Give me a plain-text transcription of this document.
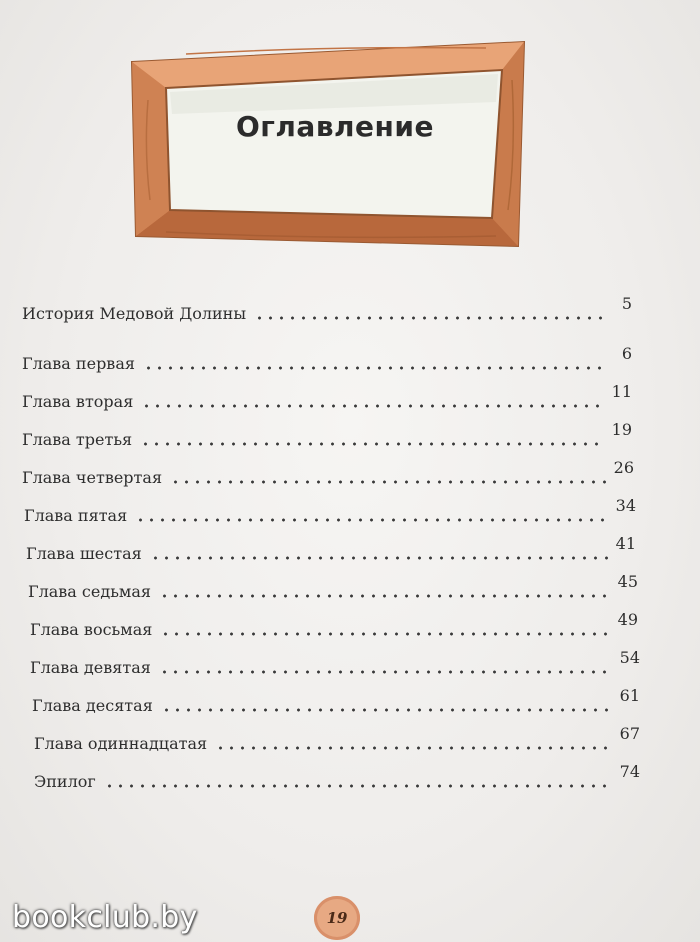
Оглавление
История Медовой Долины
5
Глава первая
6
Глава вторая
11
Глава третья
19
Глава четвертая
26
Глава пятая
34
Глава шестая
41
Глава седьмая
45
Глава восьмая
49
Глава девятая
54
Глава десятая
61
Глава одиннадцатая
67
Эпилог
74
19
bookclub.by
